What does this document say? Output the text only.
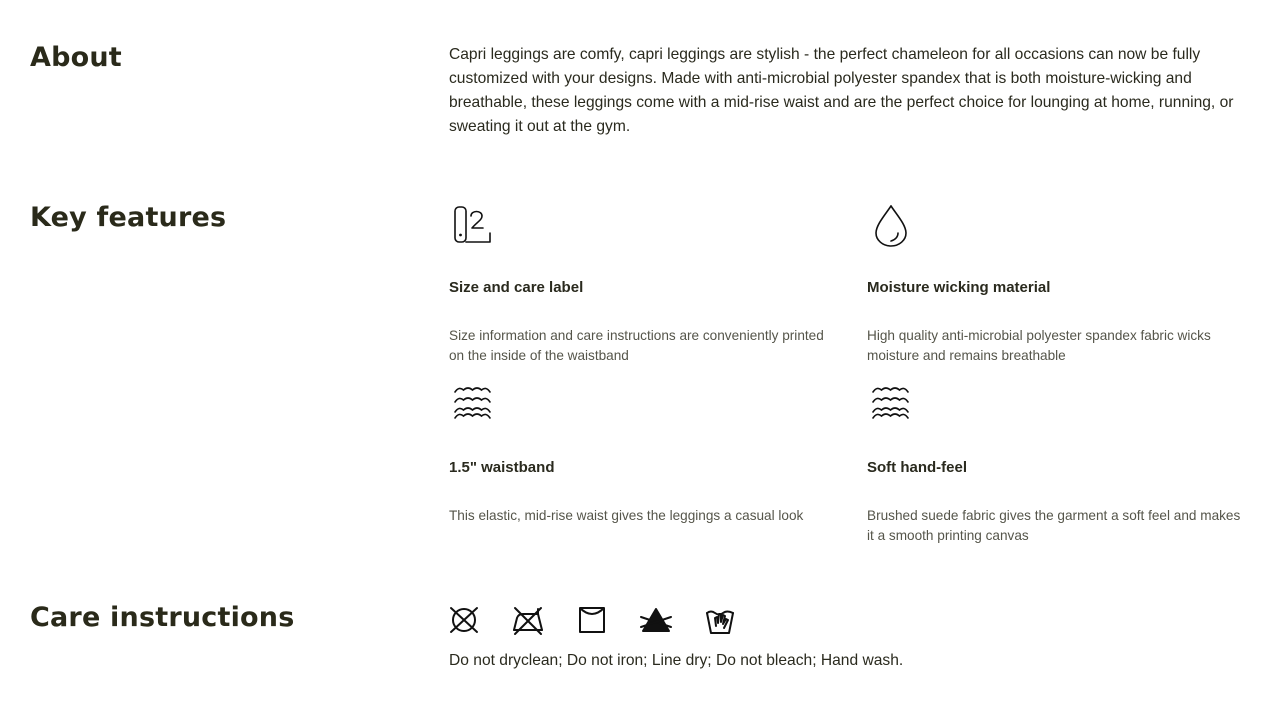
About	Capri leggings are comfy, capri leggings are stylish - the perfect chameleon for all occasions can now be fully customized with your designs. Made with anti-microbial polyester spandex that is both moisture-wicking and breathable, these leggings come with a mid-rise waist and are the perfect choice for lounging at home, running, or sweating it out at the gym.

Key features
Size and care label

Size information and care instructions are conveniently printed on the inside of the waistband

Moisture wicking material

High quality anti-microbial polyester spandex fabric wicks moisture and remains breathable

1.5" waistband

This elastic, mid-rise waist gives the leggings a casual look

Soft hand-feel

Brushed suede fabric gives the garment a soft feel and makes it a smooth printing canvas

Care instructions

Do not dryclean; Do not iron; Line dry; Do not bleach; Hand wash.
